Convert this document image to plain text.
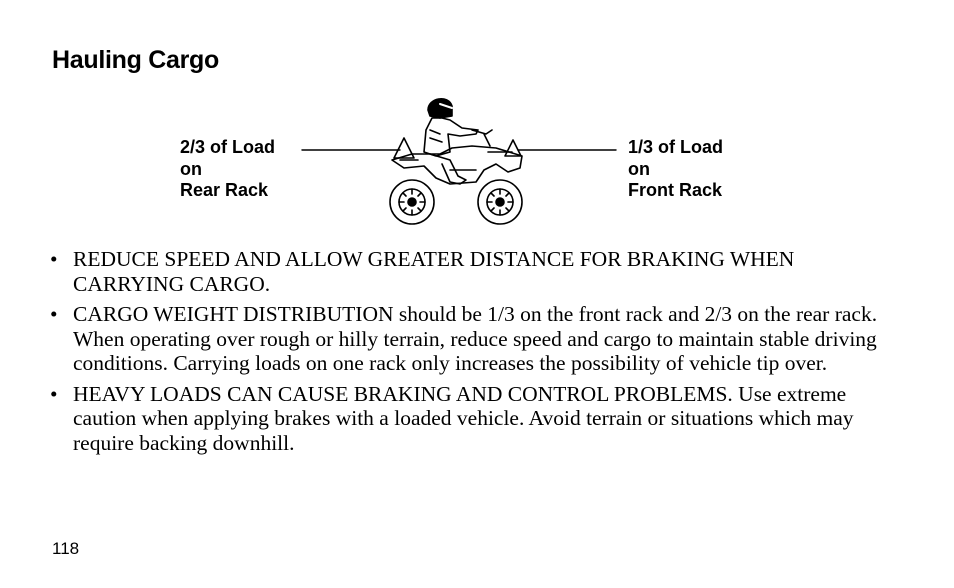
Hauling Cargo
2/3 of Load
on
Rear Rack
1/3 of Load
on
Front Rack
• REDUCE SPEED AND ALLOW GREATER DISTANCE FOR BRAKING WHEN CARRYING CARGO.
• CARGO WEIGHT DISTRIBUTION should be 1/3 on the front rack and 2/3 on the rear rack. When operating over rough or hilly terrain, reduce speed and cargo to maintain stable driving conditions. Carrying loads on one rack only increases the possibility of vehicle tip over.
• HEAVY LOADS CAN CAUSE BRAKING AND CONTROL PROBLEMS. Use extreme caution when applying brakes with a loaded vehicle. Avoid terrain or situations which may require backing downhill.
118
